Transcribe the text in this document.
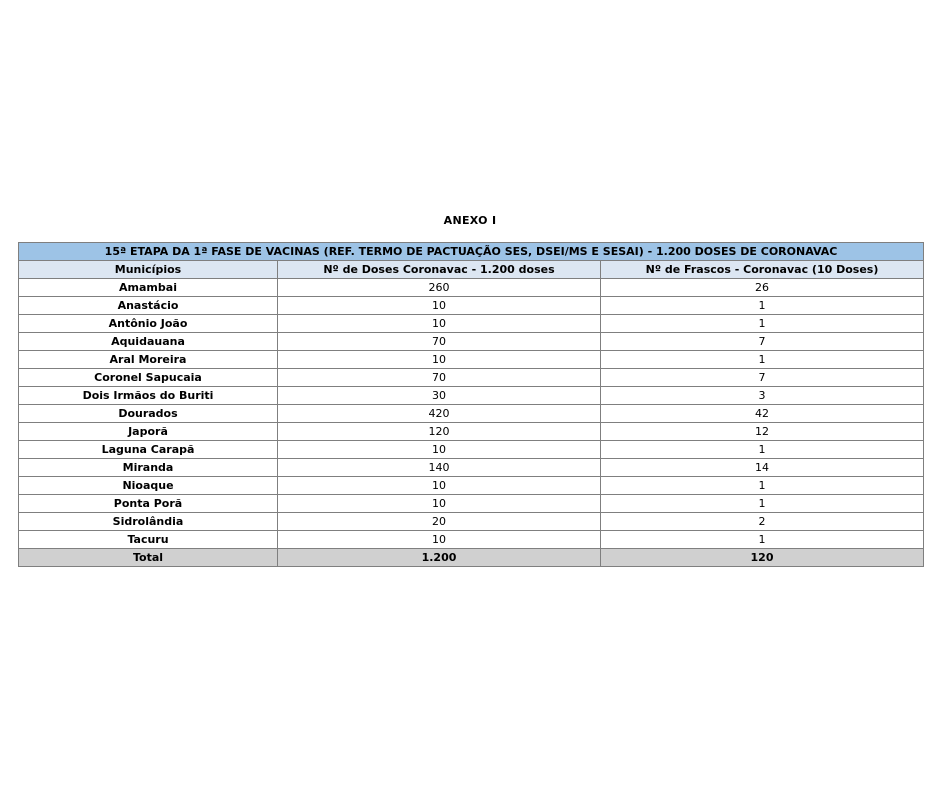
ANEXO I
15ª ETAPA DA 1ª FASE DE VACINAS (REF. TERMO DE PACTUAÇÃO SES, DSEI/MS E SESAI) - 1.200 DOSES DE CORONAVAC		
Municípios	Nº de Doses Coronavac - 1.200 doses	Nº de Frascos - Coronavac (10 Doses)
Amambai	260	26
Anastácio	10	1
Antônio João	10	1
Aquidauana	70	7
Aral Moreira	10	1
Coronel Sapucaia	70	7
Dois Irmãos do Buriti	30	3
Dourados	420	42
Japorã	120	12
Laguna Carapã	10	1
Miranda	140	14
Nioaque	10	1
Ponta Porã	10	1
Sidrolândia	20	2
Tacuru	10	1
Total	1.200	120
